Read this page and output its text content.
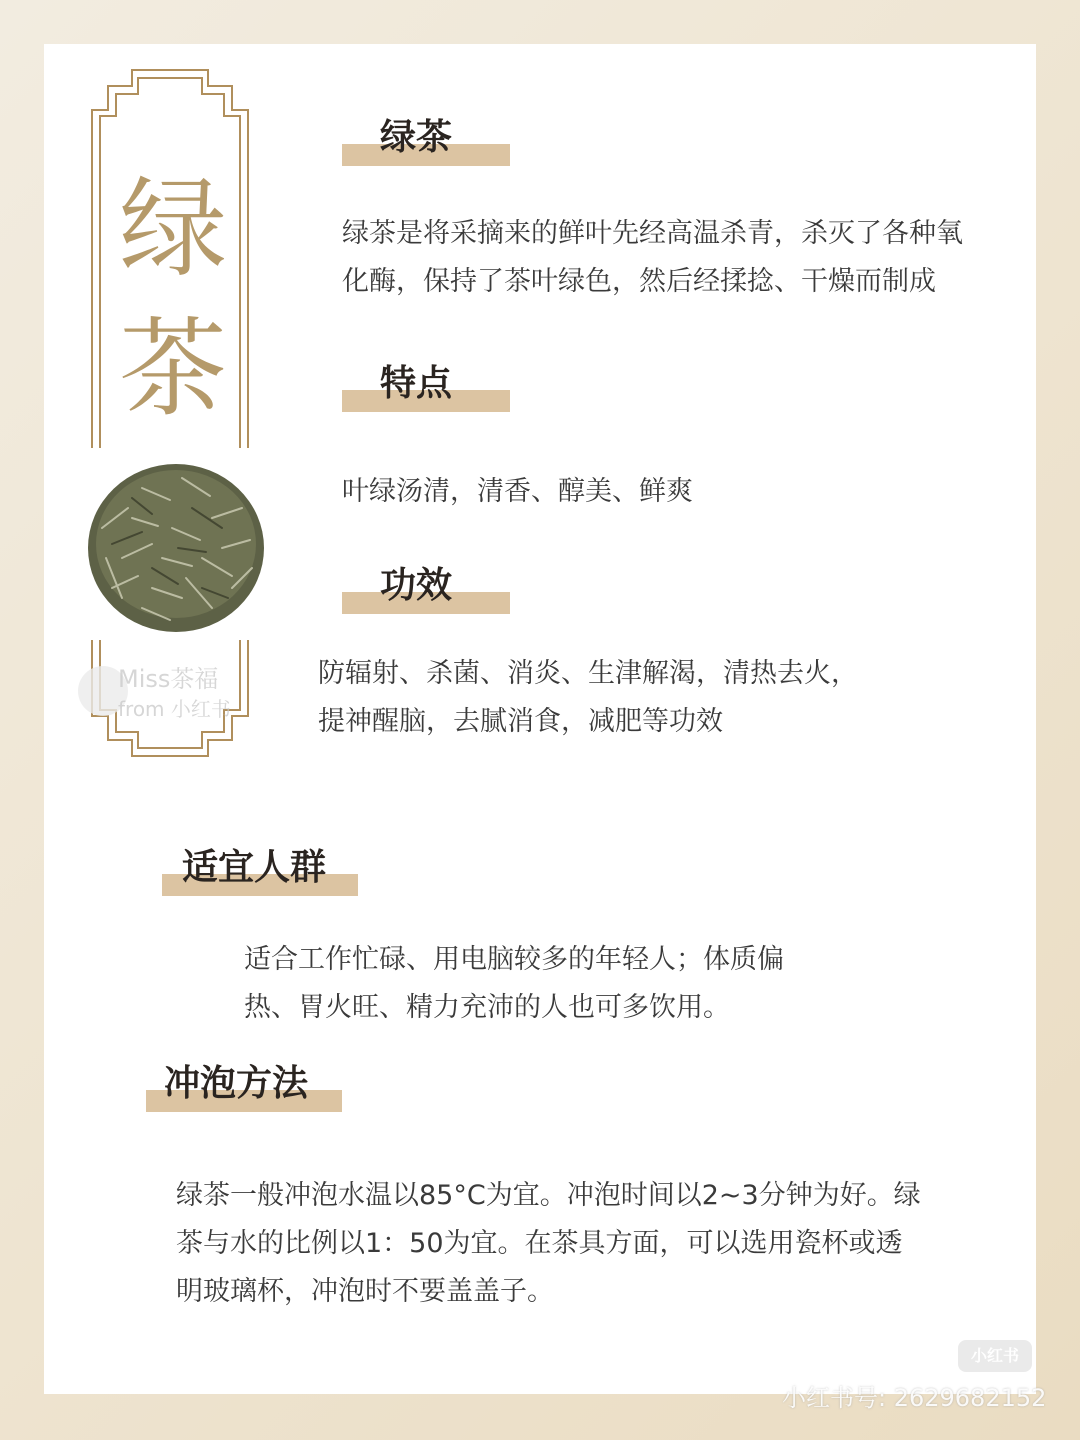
绿
茶
Miss茶福
from 小红书
绿茶
绿茶是将采摘来的鲜叶先经高温杀青，杀灭了各种氧
化酶，保持了茶叶绿色，然后经揉捻、干燥而制成
特点
叶绿汤清，清香、醇美、鲜爽
功效
防辐射、杀菌、消炎、生津解渴，清热去火，
提神醒脑，去腻消食，减肥等功效
适宜人群
适合工作忙碌、用电脑较多的年轻人；体质偏
热、胃火旺、精力充沛的人也可多饮用。
冲泡方法
绿茶一般冲泡水温以85°C为宜。冲泡时间以2~3分钟为好。绿
茶与水的比例以1：50为宜。在茶具方面，可以选用瓷杯或透
明玻璃杯，冲泡时不要盖盖子。
小红书
小红书号: 2629682152
